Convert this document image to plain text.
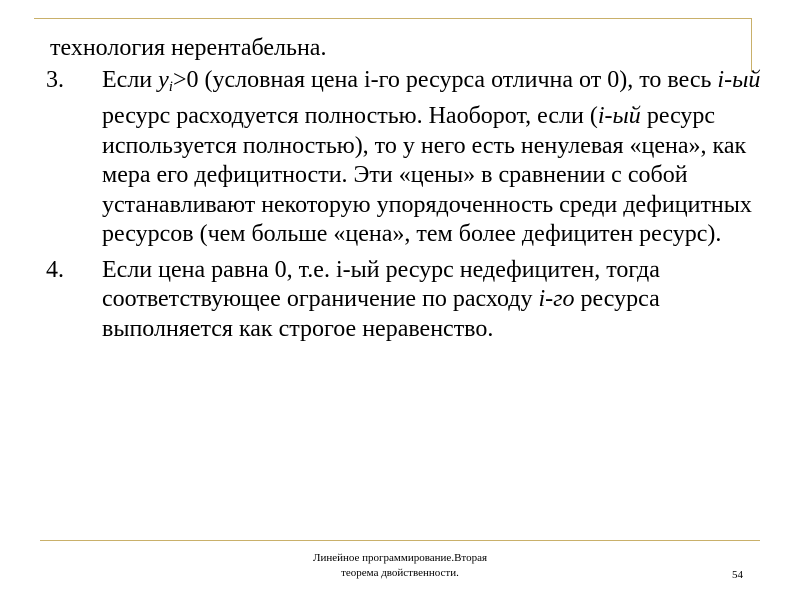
технология нерентабельна.

3.	Если $y_i>0$ (условная цена i-го ресурса отлична от 0), то весь i-ый ресурс расходуется полностью. Наоборот, если (i-ый ресурс используется полностью), то у него есть ненулевая «цена», как мера его дефицитности. Эти «цены» в сравнении с собой устанавливают некоторую упорядоченность среди дефицитных ресурсов (чем больше «цена», тем более дефицитен ресурс).
4.	Если цена равна 0, т.е. i-ый ресурс недефицитен, тогда соответствующее ограничение по расходу i-го ресурса выполняется как строгое неравенство.
Линейное программирование.Вторая
теорема двойственности.	54
